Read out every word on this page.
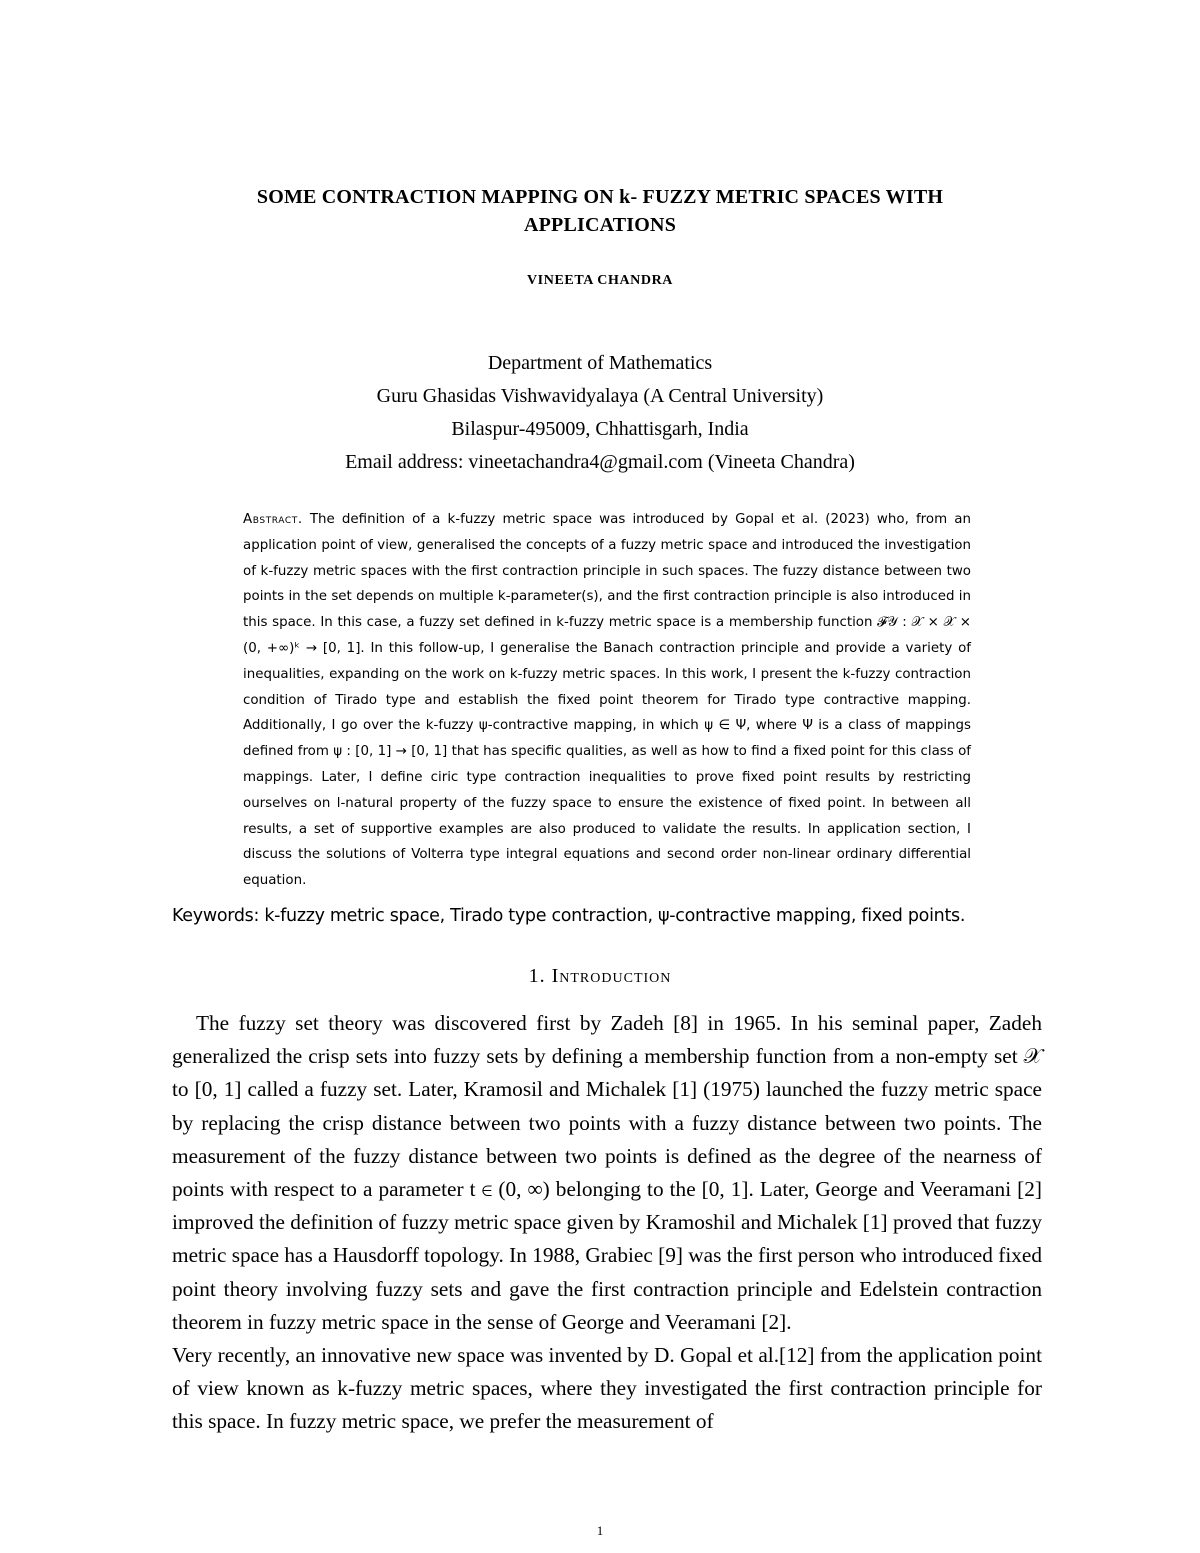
SOME CONTRACTION MAPPING ON k- FUZZY METRIC SPACES WITH
APPLICATIONS
VINEETA CHANDRA
Department of Mathematics
Guru Ghasidas Vishwavidyalaya (A Central University)
Bilaspur-495009, Chhattisgarh, India
Email address: vineetachandra4@gmail.com (Vineeta Chandra)
Abstract. The definition of a k-fuzzy metric space was introduced by Gopal et al. (2023) who, from an application point of view, generalised the concepts of a fuzzy metric space and introduced the investigation of k-fuzzy metric spaces with the first contraction principle in such spaces. The fuzzy distance between two points in the set depends on multiple k-parameter(s), and the first contraction principle is also introduced in this space. In this case, a fuzzy set defined in k-fuzzy metric space is a membership function 𝓕𝒴 : 𝒳 × 𝒳 × (0, +∞)ᵏ → [0, 1]. In this follow-up, I generalise the Banach contraction principle and provide a variety of inequalities, expanding on the work on k-fuzzy metric spaces. In this work, I present the k-fuzzy contraction condition of Tirado type and establish the fixed point theorem for Tirado type contractive mapping. Additionally, I go over the k-fuzzy ψ-contractive mapping, in which ψ ∈ Ψ, where Ψ is a class of mappings defined from ψ : [0, 1] → [0, 1] that has specific qualities, as well as how to find a fixed point for this class of mappings. Later, I define ciric type contraction inequalities to prove fixed point results by restricting ourselves on l-natural property of the fuzzy space to ensure the existence of fixed point. In between all results, a set of supportive examples are also produced to validate the results. In application section, I discuss the solutions of Volterra type integral equations and second order non-linear ordinary differential equation.
Keywords: k-fuzzy metric space, Tirado type contraction, ψ-contractive mapping, fixed points.
1. Introduction

The fuzzy set theory was discovered first by Zadeh [8] in 1965. In his seminal paper, Zadeh generalized the crisp sets into fuzzy sets by defining a membership function from a non-empty set 𝒳 to [0, 1] called a fuzzy set. Later, Kramosil and Michalek [1] (1975) launched the fuzzy metric space by replacing the crisp distance between two points with a fuzzy distance between two points. The measurement of the fuzzy distance between two points is defined as the degree of the nearness of points with respect to a parameter t ∈ (0, ∞) belonging to the [0, 1]. Later, George and Veeramani [2] improved the definition of fuzzy metric space given by Kramoshil and Michalek [1] proved that fuzzy metric space has a Hausdorff topology. In 1988, Grabiec [9] was the first person who introduced fixed point theory involving fuzzy sets and gave the first contraction principle and Edelstein contraction theorem in fuzzy metric space in the sense of George and Veeramani [2].

Very recently, an innovative new space was invented by D. Gopal et al.[12] from the application point of view known as k-fuzzy metric spaces, where they investigated the first contraction principle for this space. In fuzzy metric space, we prefer the measurement of

1
